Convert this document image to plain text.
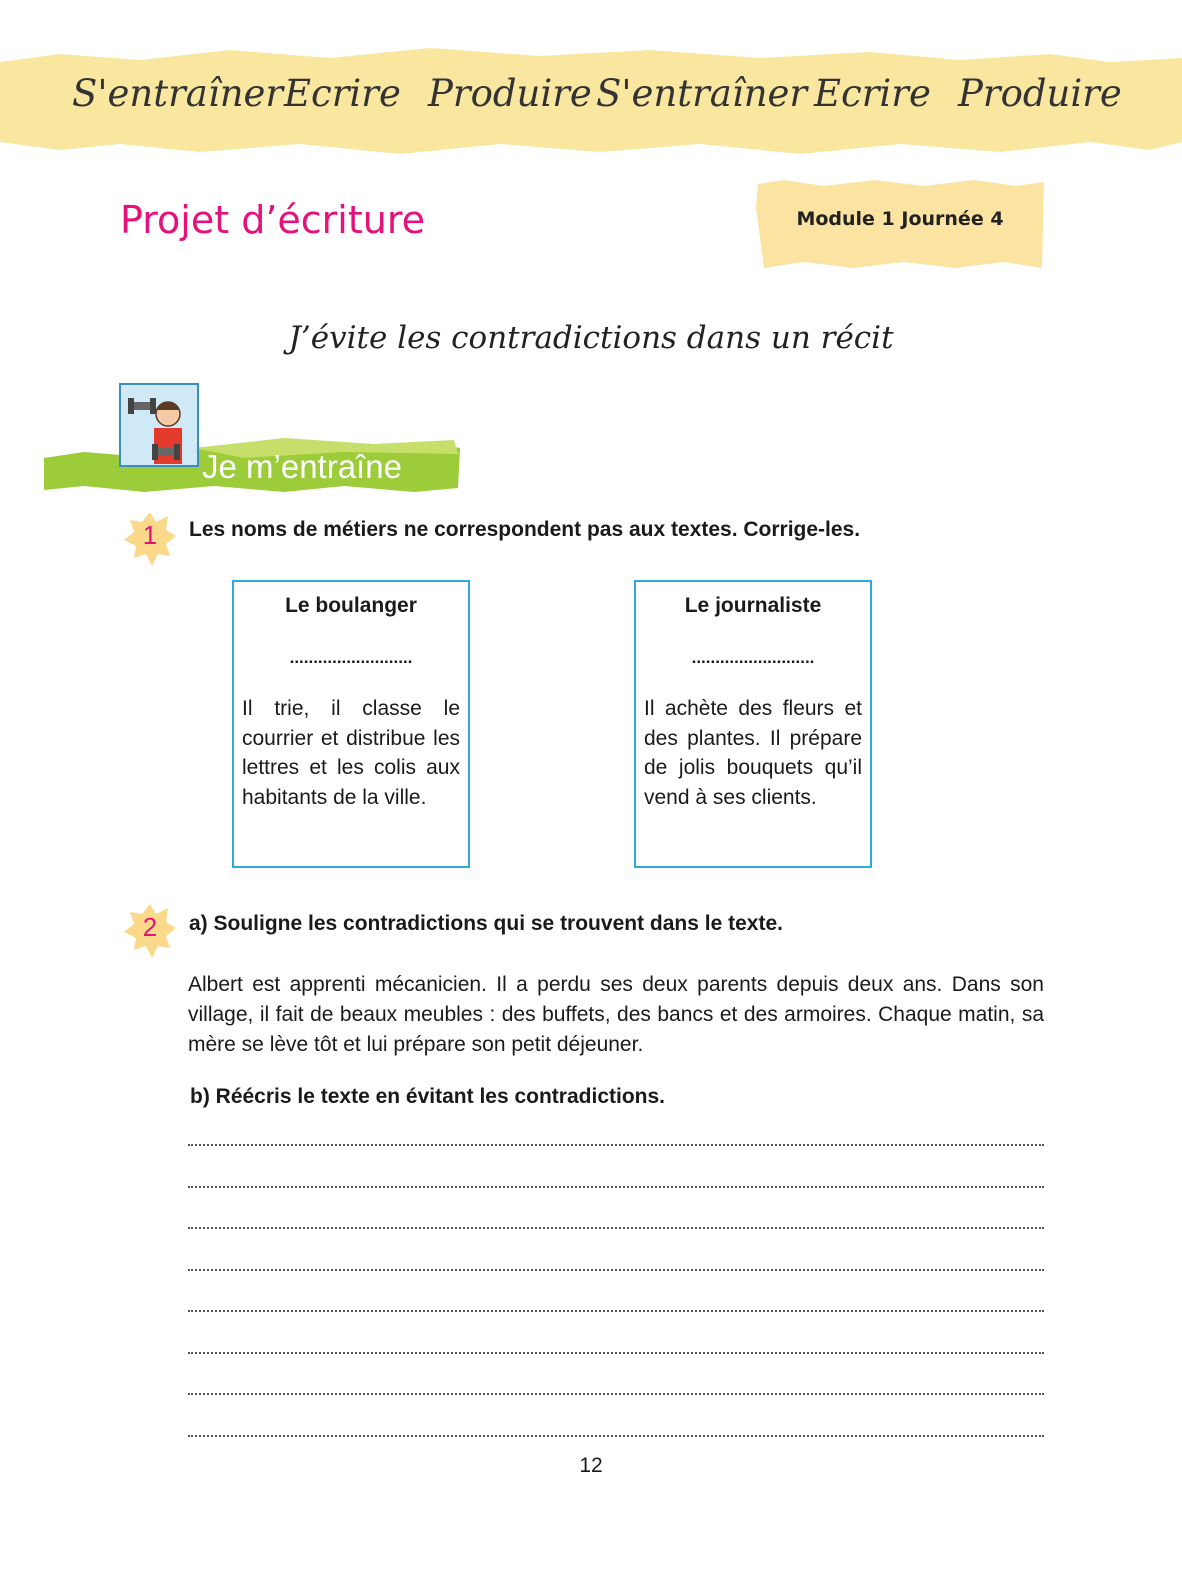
S'entraîner Ecrire Produire S'entraîner Ecrire Produire
Projet d’écriture	Module 1 Journée 4
J’évite les contradictions dans un récit
Je m’entraîne
1	Les noms de métiers ne correspondent pas aux textes. Corrige-les.
Le boulanger
..........................
Il trie, il classe le courrier et distribue les lettres et les colis aux habitants de la ville.
Le journaliste
..........................
Il achète des fleurs et des plantes. Il prépare de jolis bouquets qu’il vend à ses clients.
2	a) Souligne les contradictions qui se trouvent dans le texte.
Albert est apprenti mécanicien. Il a perdu ses deux parents depuis deux ans. Dans son village, il fait de beaux meubles : des buffets, des bancs et des armoires. Chaque matin, sa mère se lève tôt et lui prépare son petit déjeuner.
b) Réécris le texte en évitant les contradictions.
12
